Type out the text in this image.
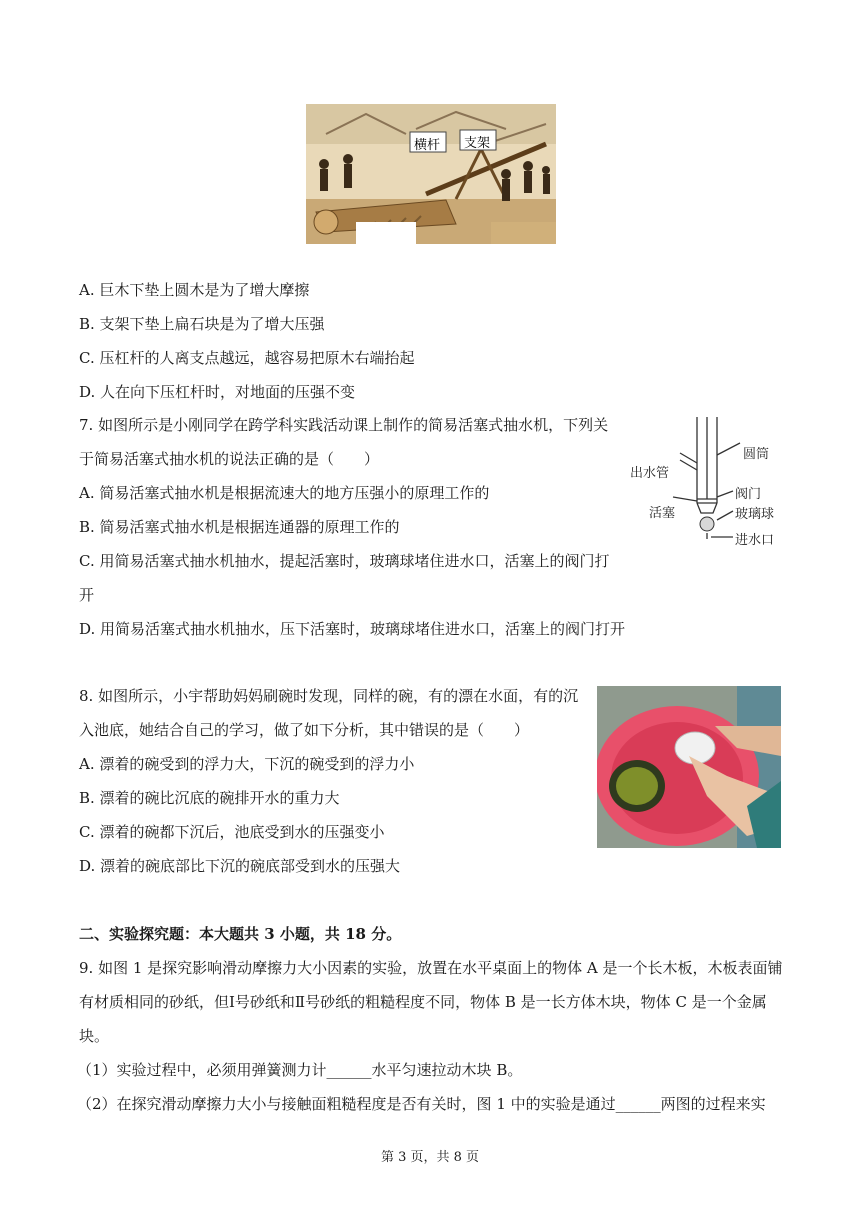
横杆 支架
A. 巨木下垫上圆木是为了增大摩擦
B. 支架下垫上扁石块是为了增大压强
C. 压杠杆的人离支点越远，越容易把原木右端抬起
D. 人在向下压杠杆时，对地面的压强不变
7. 如图所示是小刚同学在跨学科实践活动课上制作的简易活塞式抽水机，下列关
于简易活塞式抽水机的说法正确的是（　　）
A. 简易活塞式抽水机是根据流速大的地方压强小的原理工作的
B. 简易活塞式抽水机是根据连通器的原理工作的
C. 用简易活塞式抽水机抽水，提起活塞时，玻璃球堵住进水口，活塞上的阀门打
开
D. 用简易活塞式抽水机抽水，压下活塞时，玻璃球堵住进水口，活塞上的阀门打开
圆筒
出水管
阀门
活塞	玻璃球
进水口
8. 如图所示，小宇帮助妈妈刷碗时发现，同样的碗，有的漂在水面，有的沉
入池底，她结合自己的学习，做了如下分析，其中错误的是（　　）
A. 漂着的碗受到的浮力大，下沉的碗受到的浮力小
B. 漂着的碗比沉底的碗排开水的重力大
C. 漂着的碗都下沉后，池底受到水的压强变小
D. 漂着的碗底部比下沉的碗底部受到水的压强大
二、实验探究题：本大题共 3 小题，共 18 分。
9. 如图 1 是探究影响滑动摩擦力大小因素的实验，放置在水平桌面上的物体 A 是一个长木板，木板表面铺
有材质相同的砂纸，但Ⅰ号砂纸和Ⅱ号砂纸的粗糙程度不同，物体 B 是一长方体木块，物体 C 是一个金属
块。
（1）实验过程中，必须用弹簧测力计______水平匀速拉动木块 B。
（2）在探究滑动摩擦力大小与接触面粗糙程度是否有关时，图 1 中的实验是通过______两图的过程来实
第 3 页，共 8 页
